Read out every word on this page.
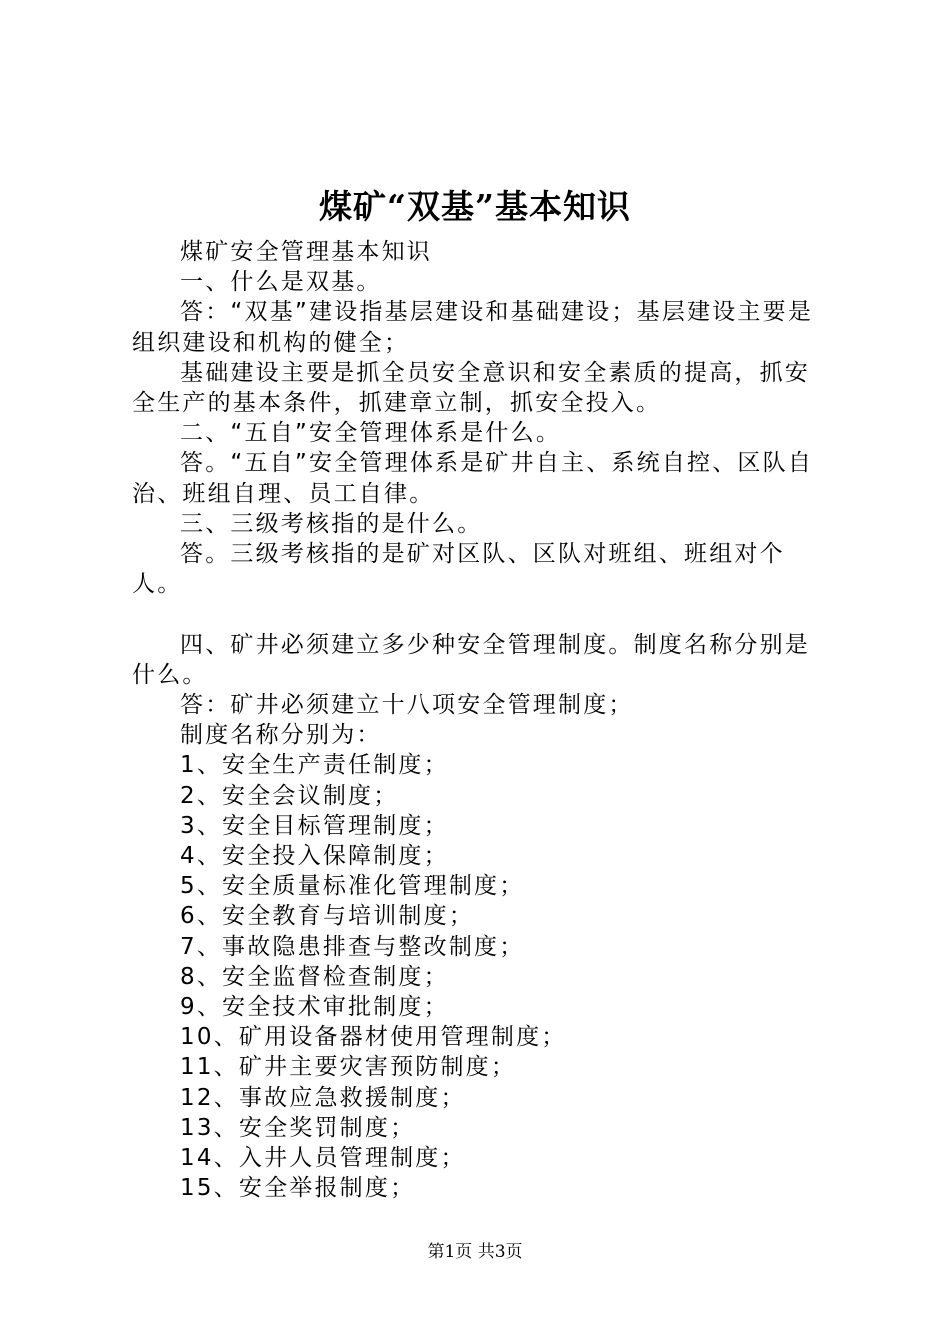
煤矿“双基”基本知识

煤矿安全管理基本知识

一、什么是双基。

答：“双基”建设指基层建设和基础建设；基层建设主要是组织建设和机构的健全；

基础建设主要是抓全员安全意识和安全素质的提高，抓安全生产的基本条件，抓建章立制，抓安全投入。

二、“五自”安全管理体系是什么。

答。“五自”安全管理体系是矿井自主、系统自控、区队自治、班组自理、员工自律。

三、三级考核指的是什么。

答。三级考核指的是矿对区队、区队对班组、班组对个人。

四、矿井必须建立多少种安全管理制度。制度名称分别是什么。

答：矿井必须建立十八项安全管理制度；

制度名称分别为：

1、安全生产责任制度；

2、安全会议制度；

3、安全目标管理制度；

4、安全投入保障制度；

5、安全质量标准化管理制度；

6、安全教育与培训制度；

7、事故隐患排查与整改制度；

8、安全监督检查制度；

9、安全技术审批制度；

10、矿用设备器材使用管理制度；

11、矿井主要灾害预防制度；

12、事故应急救援制度；

13、安全奖罚制度；

14、入井人员管理制度；

15、安全举报制度；

第1页 共3页
